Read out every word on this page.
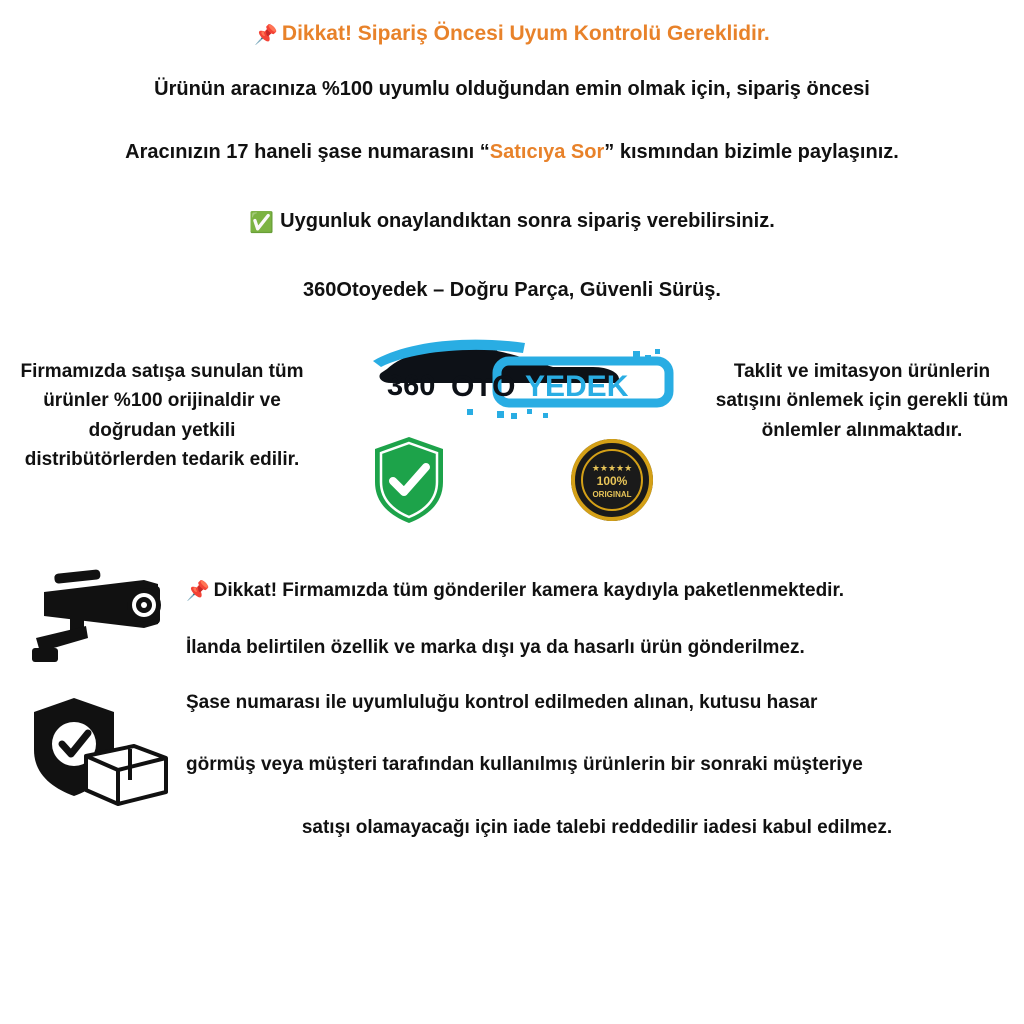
📌 Dikkat! Sipariş Öncesi Uyum Kontrolü Gereklidir.
Ürünün aracınıza %100 uyumlu olduğundan emin olmak için, sipariş öncesi
Aracınızın 17 haneli şase numarasını “Satıcıya Sor” kısmından bizimle paylaşınız.
✅ Uygunluk onaylandıktan sonra sipariş verebilirsiniz.
360Otoyedek – Doğru Parça, Güvenli Sürüş.
Firmamızda satışa sunulan tüm ürünler %100 orijinaldir ve doğrudan yetkili distribütörlerden tedarik edilir.
360 OTO YEDEK
★★★★★
100%
ORIGINAL
Taklit ve imitasyon ürünlerin satışını önlemek için gerekli tüm önlemler alınmaktadır.

📌 Dikkat! Firmamızda tüm gönderiler kamera kaydıyla paketlenmektedir.

İlanda belirtilen özellik ve marka dışı ya da hasarlı ürün gönderilmez.

Şase numarası ile uyumluluğu kontrol edilmeden alınan, kutusu hasar

görmüş veya müşteri tarafından kullanılmış ürünlerin bir sonraki müşteriye

satışı olamayacağı için iade talebi reddedilir iadesi kabul edilmez.
